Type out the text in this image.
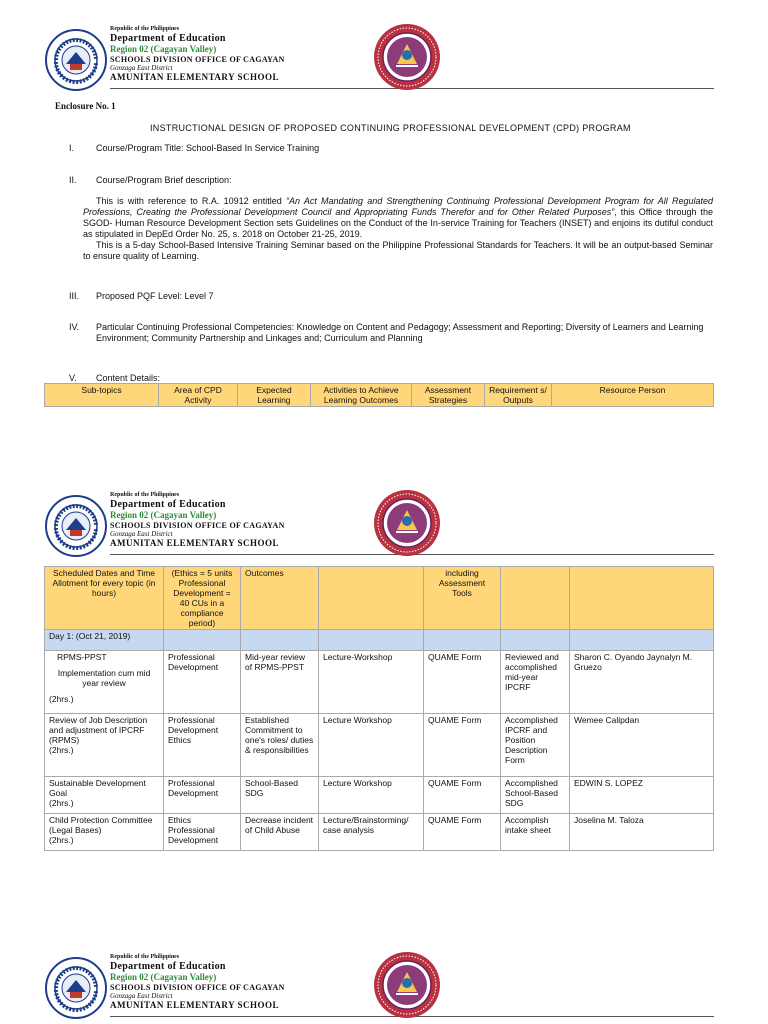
Republic of the Philippines
Department of Education
Region 02 (Cagayan Valley)
SCHOOLS DIVISION OFFICE OF CAGAYAN
Gonzaga East District
AMUNITAN ELEMENTARY SCHOOL
Republic of the Philippines
Department of Education
Region 02 (Cagayan Valley)
SCHOOLS DIVISION OFFICE OF CAGAYAN
Gonzaga East District
AMUNITAN ELEMENTARY SCHOOL
Republic of the Philippines
Department of Education
Region 02 (Cagayan Valley)
SCHOOLS DIVISION OFFICE OF CAGAYAN
Gonzaga East District
AMUNITAN ELEMENTARY SCHOOL
Enclosure No. 1
INSTRUCTIONAL DESIGN OF PROPOSED CONTINUING PROFESSIONAL DEVELOPMENT (CPD) PROGRAM
I. Course/Program Title: School-Based In Service Training
II. Course/Program Brief description:
This is with reference to R.A. 10912 entitled “An Act Mandating and Strengthening Continuing Professional Development Program for All Regulated Professions, Creating the Professional Development Council and Appropriating Funds Therefor and for Other Related Purposes”, this Office through the SGOD- Human Resource Development Section sets Guidelines on the Conduct of the In-service Training for Teachers (INSET) and enjoins its dutiful conduct as stipulated in DepEd Order No. 25, s. 2018 on October 21-25, 2019.
This is a 5-day School-Based Intensive Training Seminar based on the Philippine Professional Standards for Teachers. It will be an output-based Seminar to ensure quality of Learning.
III. Proposed PQF Level: Level 7
IV. Particular Continuing Professional Competencies: Knowledge on Content and Pedagogy; Assessment and Reporting; Diversity of Learners and Learning Environment; Community Partnership and Linkages and; Curriculum and Planning
V. Content Details:
Sub-topics	Area of CPD Activity	Expected Learning	Activities to Achieve Learning Outcomes	Assessment Strategies	Requirement s/ Outputs	Resource Person
Scheduled Dates and Time Allotment for every topic (in hours)	(Ethics = 5 units Professional Development = 40 CUs in a compliance period)	Outcomes		including Assessment Tools		
Day 1: (Oct 21, 2019)						

RPMS-PPST
Implementation cum mid year review
(2hrs.)	Professional Development	Mid-year review of RPMS-PPST	Lecture-Workshop	QUAME Form	Reviewed and accomplished mid-year IPCRF	Sharon C. Oyando Jaynalyn M. Gruezo

Review of Job Description and adjustment of IPCRF (RPMS)
(2hrs.)	Professional Development Ethics	Established Commitment to one's roles/ duties & responsibilities	Lecture Workshop	QUAME Form	Accomplished IPCRF and Position Description Form	Wemee Calipdan

Sustainable Development Goal
(2hrs.)	Professional Development	School-Based SDG	Lecture Workshop	QUAME Form	Accomplished School-Based SDG	EDWIN S. LOPEZ

Child Protection Committee (Legal Bases)
(2hrs.)	Ethics Professional Development	Decrease incident of Child Abuse	Lecture/Brainstorming/ case analysis	QUAME Form	Accomplish intake sheet	Joselina M. Taloza
